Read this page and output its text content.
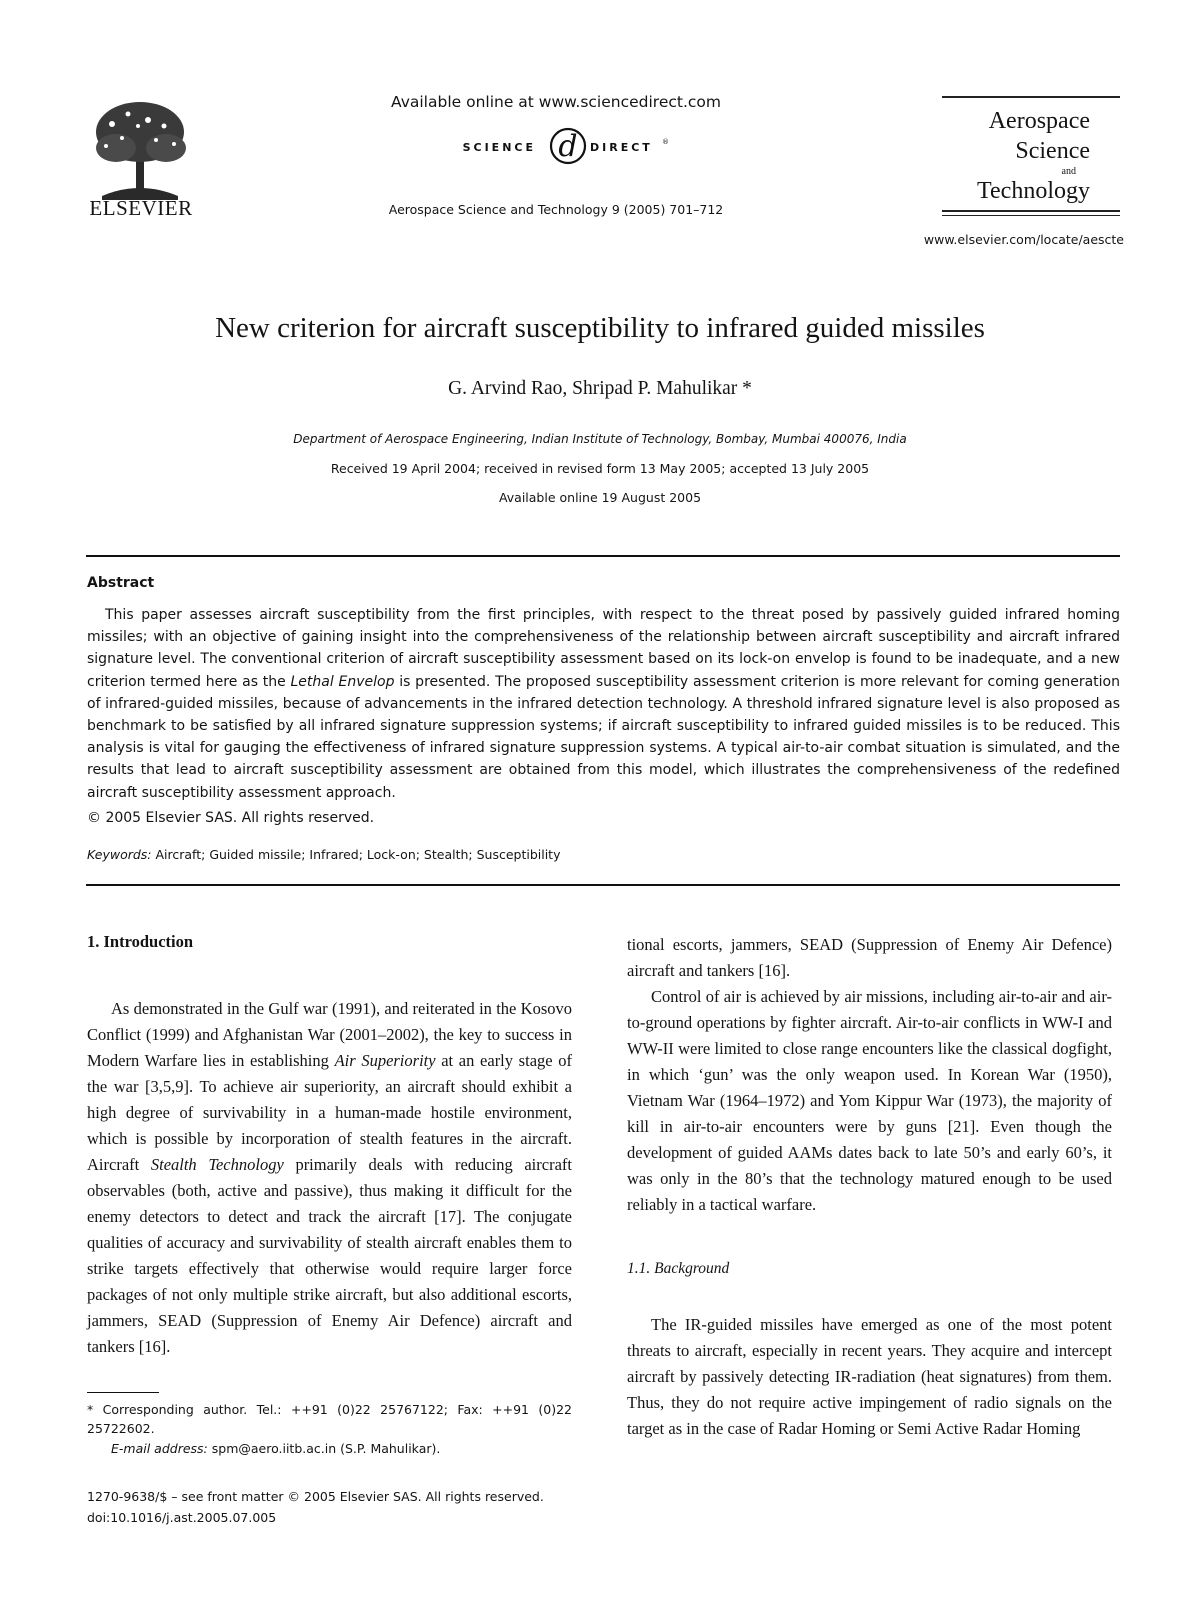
ELSEVIER
Available online at www.sciencedirect.com
SCIENCE d DIRECT ®
Aerospace Science and Technology 9 (2005) 701–712
Aerospace
Science
and
Technology
www.elsevier.com/locate/aescte
New criterion for aircraft susceptibility to infrared guided missiles
G. Arvind Rao, Shripad P. Mahulikar *
Department of Aerospace Engineering, Indian Institute of Technology, Bombay, Mumbai 400076, India
Received 19 April 2004; received in revised form 13 May 2005; accepted 13 July 2005
Available online 19 August 2005
Abstract

This paper assesses aircraft susceptibility from the first principles, with respect to the threat posed by passively guided infrared homing missiles; with an objective of gaining insight into the comprehensiveness of the relationship between aircraft susceptibility and aircraft infrared signature level. The conventional criterion of aircraft susceptibility assessment based on its lock-on envelop is found to be inadequate, and a new criterion termed here as the Lethal Envelop is presented. The proposed susceptibility assessment criterion is more relevant for coming generation of infrared-guided missiles, because of advancements in the infrared detection technology. A threshold infrared signature level is also proposed as benchmark to be satisfied by all infrared signature suppression systems; if aircraft susceptibility to infrared guided missiles is to be reduced. This analysis is vital for gauging the effectiveness of infrared signature suppression systems. A typical air-to-air combat situation is simulated, and the results that lead to aircraft susceptibility assessment are obtained from this model, which illustrates the comprehensiveness of the redefined aircraft susceptibility assessment approach.

© 2005 Elsevier SAS. All rights reserved.
Keywords: Aircraft; Guided missile; Infrared; Lock-on; Stealth; Susceptibility
1. Introduction

As demonstrated in the Gulf war (1991), and reiterated in the Kosovo Conflict (1999) and Afghanistan War (2001–2002), the key to success in Modern Warfare lies in establishing Air Superiority at an early stage of the war [3,5,9]. To achieve air superiority, an aircraft should exhibit a high degree of survivability in a human-made hostile environment, which is possible by incorporation of stealth features in the aircraft. Aircraft Stealth Technology primarily deals with reducing aircraft observables (both, active and passive), thus making it difficult for the enemy detectors to detect and track the aircraft [17]. The conjugate qualities of accuracy and survivability of stealth aircraft enables them to strike targets effectively that otherwise would require larger force packages of not only multiple strike aircraft, but also additional escorts, jammers, SEAD (Suppression of Enemy Air Defence) aircraft and tankers [16].

tional escorts, jammers, SEAD (Suppression of Enemy Air Defence) aircraft and tankers [16].

Control of air is achieved by air missions, including air-to-air and air-to-ground operations by fighter aircraft. Air-to-air conflicts in WW-I and WW-II were limited to close range encounters like the classical dogfight, in which ‘gun’ was the only weapon used. In Korean War (1950), Vietnam War (1964–1972) and Yom Kippur War (1973), the majority of kill in air-to-air encounters were by guns [21]. Even though the development of guided AAMs dates back to late 50’s and early 60’s, it was only in the 80’s that the technology matured enough to be used reliably in a tactical warfare.

1.1. Background

The IR-guided missiles have emerged as one of the most potent threats to aircraft, especially in recent years. They acquire and intercept aircraft by passively detecting IR-radiation (heat signatures) from them. Thus, they do not require active impingement of radio signals on the target as in the case of Radar Homing or Semi Active Radar Homing

* Corresponding author. Tel.: ++91 (0)22 25767122; Fax: ++91 (0)22 25722602.
E-mail address: spm@aero.iitb.ac.in (S.P. Mahulikar).
1270-9638/$ – see front matter © 2005 Elsevier SAS. All rights reserved.
doi:10.1016/j.ast.2005.07.005
